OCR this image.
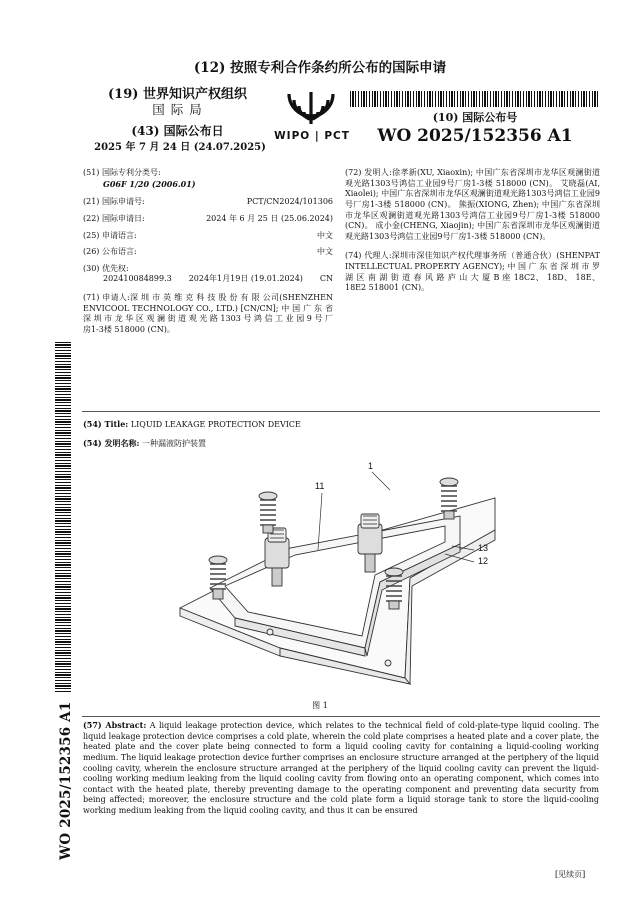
(12) 按照专利合作条约所公布的国际申请
(19) 世界知识产权组织
国 际 局
(43) 国际公布日
2025 年 7 月 24 日 (24.07.2025)
WIPO | PCT
(10) 国际公布号
WO 2025/152356 A1
(51) 国际专利分类号:
G06F 1/20 (2006.01)
(21) 国际申请号:	PCT/CN2024/101306
(22) 国际申请日:	2024 年 6 月 25 日 (25.06.2024)
(25) 申请语言:	中文
(26) 公布语言:	中文
(30) 优先权:
202410084899.3 2024年1月19日 (19.01.2024) CN
(71) 申请人:深 圳 市 英 维 克 科 技 股 份 有 限 公司(SHENZHEN ENVICOOL TECHNOLOGY CO., LTD.) [CN/CN]; 中 国 广 东 省 深 圳 市 龙 华 区 观 澜 街 道 观 光 路 1303 号 鸿 信 工 业 园 9 号 厂房1-3楼 518000 (CN)。
(72) 发明人:徐孝新(XU, Xiaoxin); 中国广东省深圳市龙华区观澜街道观光路1303号鸿信工业园9号厂房1-3楼 518000 (CN)。 艾晓磊(AI, Xiaolei); 中国广东省深圳市龙华区观澜街道观光路1303号鸿信工业园9号厂房1-3楼 518000 (CN)。 熊振(XIONG, Zhen); 中国广东省深圳市龙华区观澜街道观光路1303号鸿信工业园9号厂房1-3楼 518000 (CN)。 成小金(CHENG, Xiaojin); 中国广东省深圳市龙华区观澜街道观光路1303号鸿信工业园9号厂房1-3楼 518000 (CN)。
(74) 代理人:深圳市深佳知识产权代理事务所（普通合伙）(SHENPAT INTELLECTUAL PROPERTY AGENCY); 中 国 广 东 省 深 圳 市 罗 湖 区 南 湖 街 道 春 风 路 庐 山 大 厦 B 座 18C2、 18D、 18E、18E2 518001 (CN)。
(54) Title: LIQUID LEAKAGE PROTECTION DEVICE
(54) 发明名称: 一种漏液防护装置
1
11
13
12
图 1
(57) Abstract: A liquid leakage protection device, which relates to the technical field of cold-plate-type liquid cooling. The liquid leakage protection device comprises a cold plate, wherein the cold plate comprises a heated plate and a cover plate, the heated plate and the cover plate being connected to form a liquid cooling cavity for containing a liquid-cooling working medium. The liquid leakage protection device further comprises an enclosure structure arranged at the periphery of the liquid cooling cavity, wherein the enclosure structure arranged at the periphery of the liquid cooling cavity can prevent the liquid-cooling working medium leaking from the liquid cooling cavity from flowing onto an operating component, which comes into contact with the heated plate, thereby preventing damage to the operating component and preventing data security from being affected; moreover, the enclosure structure and the cold plate form a liquid storage tank to store the liquid-cooling working medium leaking from the liquid cooling cavity, and thus it can be ensured
WO 2025/152356 A1
[见续页]
